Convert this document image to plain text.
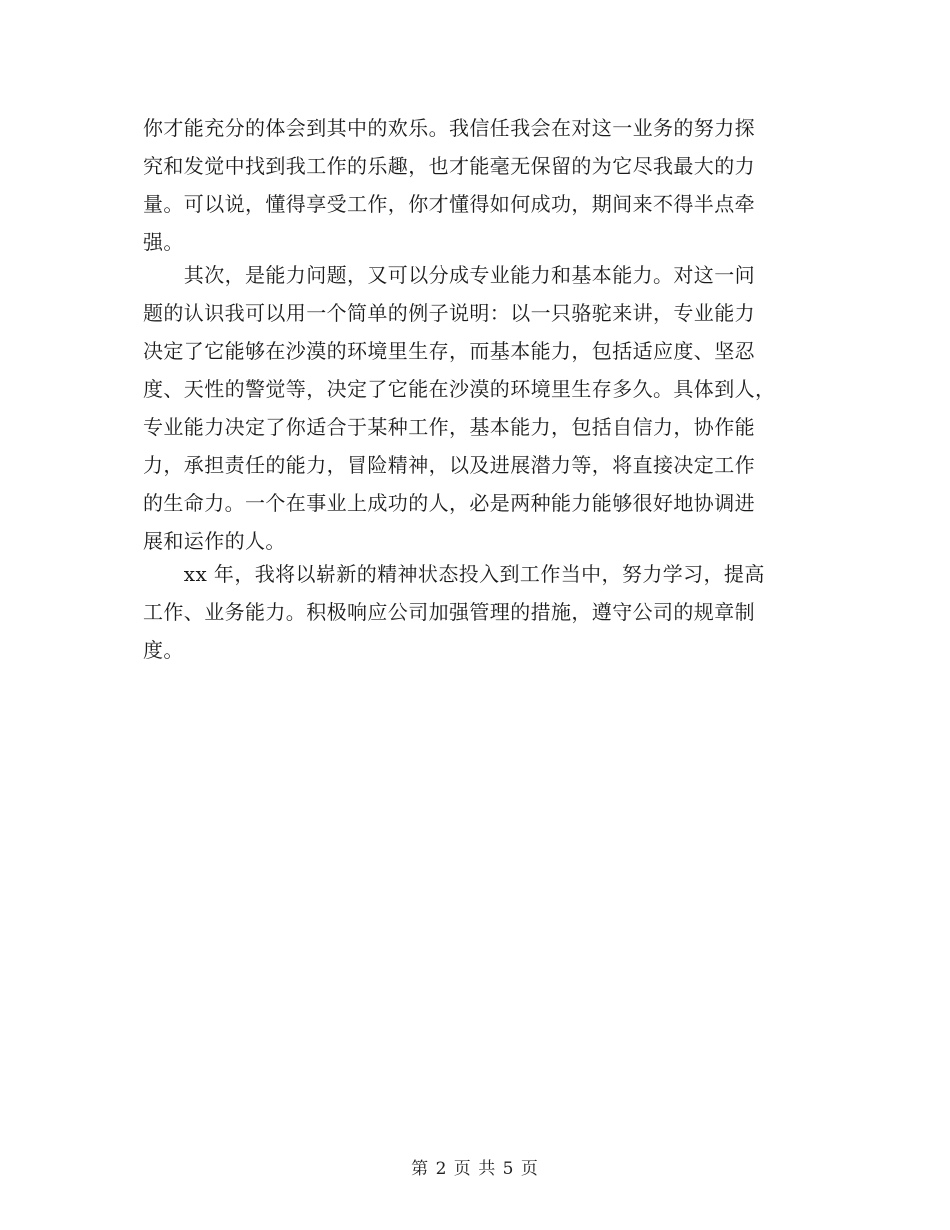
你才能充分的体会到其中的欢乐。我信任我会在对这一业务的努力探
究和发觉中找到我工作的乐趣，也才能毫无保留的为它尽我最大的力
量。可以说，懂得享受工作，你才懂得如何成功，期间来不得半点牵
强。
　　其次，是能力问题，又可以分成专业能力和基本能力。对这一问
题的认识我可以用一个简单的例子说明：以一只骆驼来讲，专业能力
决定了它能够在沙漠的环境里生存，而基本能力，包括适应度、坚忍
度、天性的警觉等，决定了它能在沙漠的环境里生存多久。具体到人，
专业能力决定了你适合于某种工作，基本能力，包括自信力，协作能
力，承担责任的能力，冒险精神，以及进展潜力等，将直接决定工作
的生命力。一个在事业上成功的人，必是两种能力能够很好地协调进
展和运作的人。
　　xx 年，我将以崭新的精神状态投入到工作当中，努力学习，提高
工作、业务能力。积极响应公司加强管理的措施，遵守公司的规章制
度。
第 2 页 共 5 页
